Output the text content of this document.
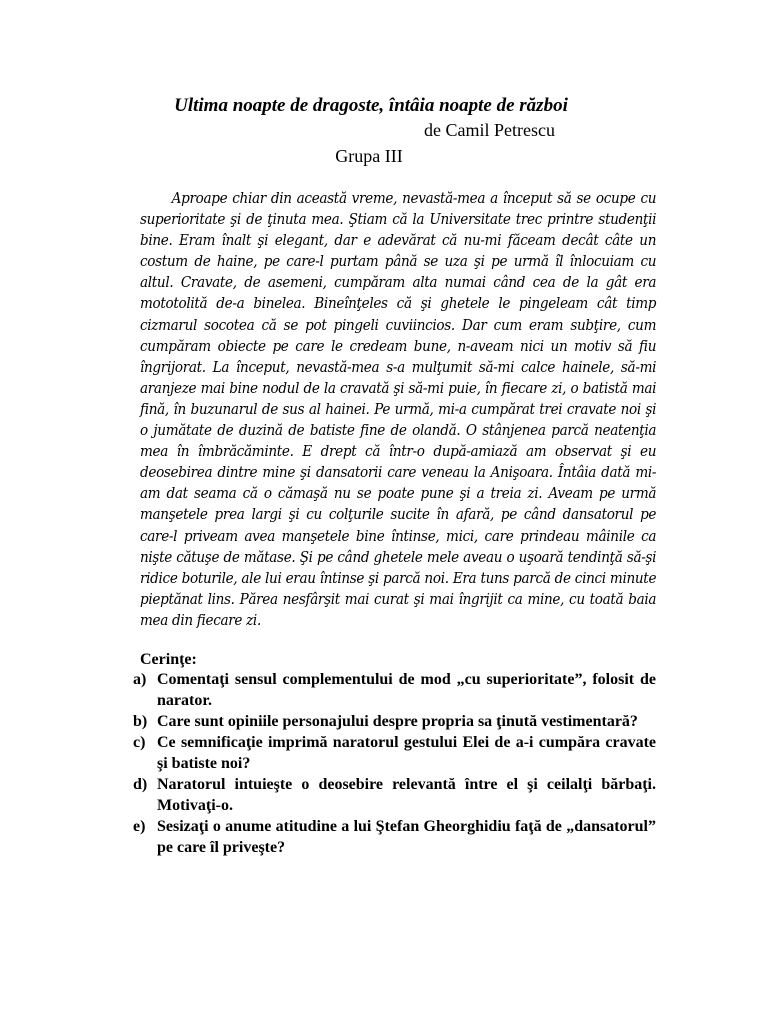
Ultima noapte de dragoste, întâia noapte de război

de Camil Petrescu

Grupa III

Aproape chiar din această vreme, nevastă-mea a început să se ocupe cu superioritate şi de ţinuta mea. Ştiam că la Universitate trec printre studenţii bine. Eram înalt şi elegant, dar e adevărat că nu-mi făceam decât câte un costum de haine, pe care-l purtam până se uza şi pe urmă îl înlocuiam cu altul. Cravate, de asemeni, cumpăram alta numai când cea de la gât era mototolită de-a binelea. Bineînţeles că şi ghetele le pingeleam cât timp cizmarul socotea că se pot pingeli cuviincios. Dar cum eram subţire, cum cumpăram obiecte pe care le credeam bune, n-aveam nici un motiv să fiu îngrijorat. La început, nevastă-mea s-a mulţumit să-mi calce hainele, să-mi aranjeze mai bine nodul de la cravată şi să-mi puie, în fiecare zi, o batistă mai fină, în buzunarul de sus al hainei. Pe urmă, mi-a cumpărat trei cravate noi şi o jumătate de duzină de batiste fine de olandă. O stânjenea parcă neatenţia mea în îmbrăcăminte. E drept că într-o după-amiază am observat şi eu deosebirea dintre mine şi dansatorii care veneau la Anişoara. Întâia dată mi-am dat seama că o cămaşă nu se poate pune şi a treia zi. Aveam pe urmă manşetele prea largi şi cu colţurile sucite în afară, pe când dansatorul pe care-l priveam avea manşetele bine întinse, mici, care prindeau mâinile ca nişte cătuşe de mătase. Şi pe când ghetele mele aveau o uşoară tendinţă să-şi ridice boturile, ale lui erau întinse şi parcă noi. Era tuns parcă de cinci minute pieptănat lins. Părea nesfârşit mai curat şi mai îngrijit ca mine, cu toată baia mea din fiecare zi.

Cerinţe:

a) Comentaţi sensul complementului de mod „cu superioritate”, folosit de narator.
b) Care sunt opiniile personajului despre propria sa ţinută vestimentară?
c) Ce semnificaţie imprimă naratorul gestului Elei de a-i cumpăra cravate şi batiste noi?
d) Naratorul intuieşte o deosebire relevantă între el şi ceilalţi bărbaţi. Motivaţi-o.
e) Sesizaţi o anume atitudine a lui Ştefan Gheorghidiu faţă de „dansatorul” pe care îl priveşte?
